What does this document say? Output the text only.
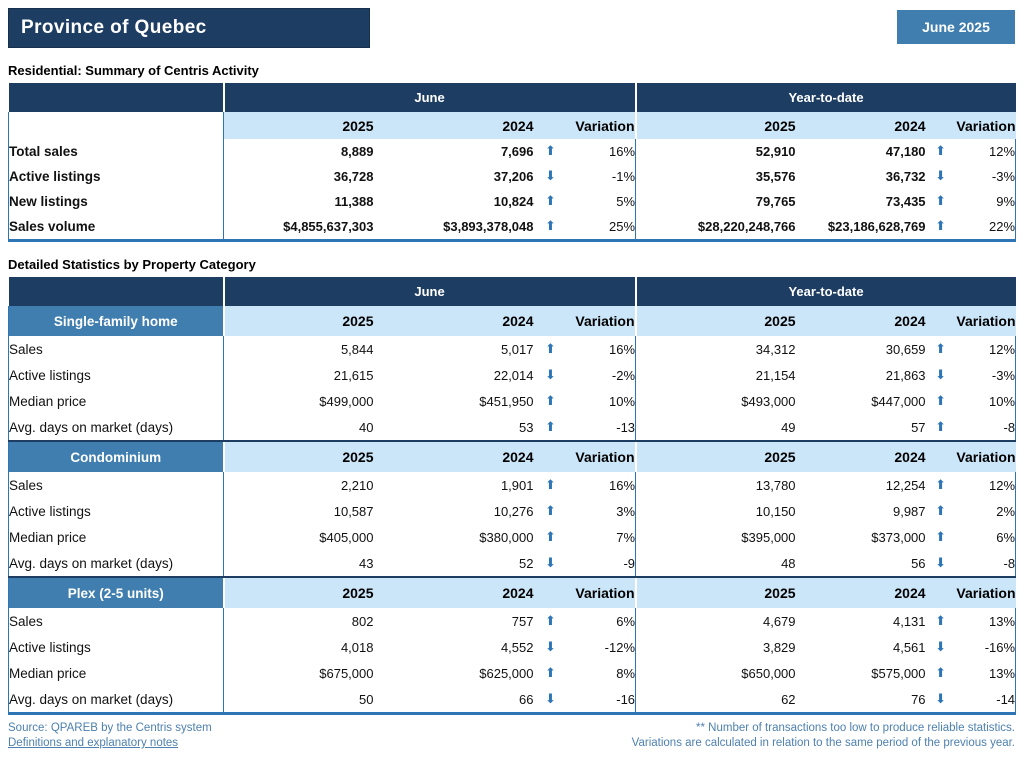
Province of Quebec	June 2025
Residential: Summary of Centris Activity
	June				Year-to-date			
	2025	2024	Variation		2025	2024	Variation	
Total sales	8,889	7,696	⬆	16%	52,910	47,180	⬆	12%
Active listings	36,728	37,206	⬇	-1%	35,576	36,732	⬇	-3%
New listings	11,388	10,824	⬆	5%	79,765	73,435	⬆	9%
Sales volume	$4,855,637,303	$3,893,378,048	⬆	25%	$28,220,248,766	$23,186,628,769	⬆	22%
Detailed Statistics by Property Category
	June				Year-to-date			
Single-family home	2025	2024	Variation		2025	2024	Variation	
Sales	5,844	5,017	⬆	16%	34,312	30,659	⬆	12%
Active listings	21,615	22,014	⬇	-2%	21,154	21,863	⬇	-3%
Median price	$499,000	$451,950	⬆	10%	$493,000	$447,000	⬆	10%
Avg. days on market (days)	40	53	⬆	-13	49	57	⬆	-8
Condominium	2025	2024	Variation		2025	2024	Variation	
Sales	2,210	1,901	⬆	16%	13,780	12,254	⬆	12%
Active listings	10,587	10,276	⬆	3%	10,150	9,987	⬆	2%
Median price	$405,000	$380,000	⬆	7%	$395,000	$373,000	⬆	6%
Avg. days on market (days)	43	52	⬇	-9	48	56	⬇	-8
Plex (2-5 units)	2025	2024	Variation		2025	2024	Variation	
Sales	802	757	⬆	6%	4,679	4,131	⬆	13%
Active listings	4,018	4,552	⬇	-12%	3,829	4,561	⬇	-16%
Median price	$675,000	$625,000	⬆	8%	$650,000	$575,000	⬆	13%
Avg. days on market (days)	50	66	⬇	-16	62	76	⬇	-14
Source: QPAREB by the Centris system
Definitions and explanatory notes
** Number of transactions too low to produce reliable statistics.
Variations are calculated in relation to the same period of the previous year.
